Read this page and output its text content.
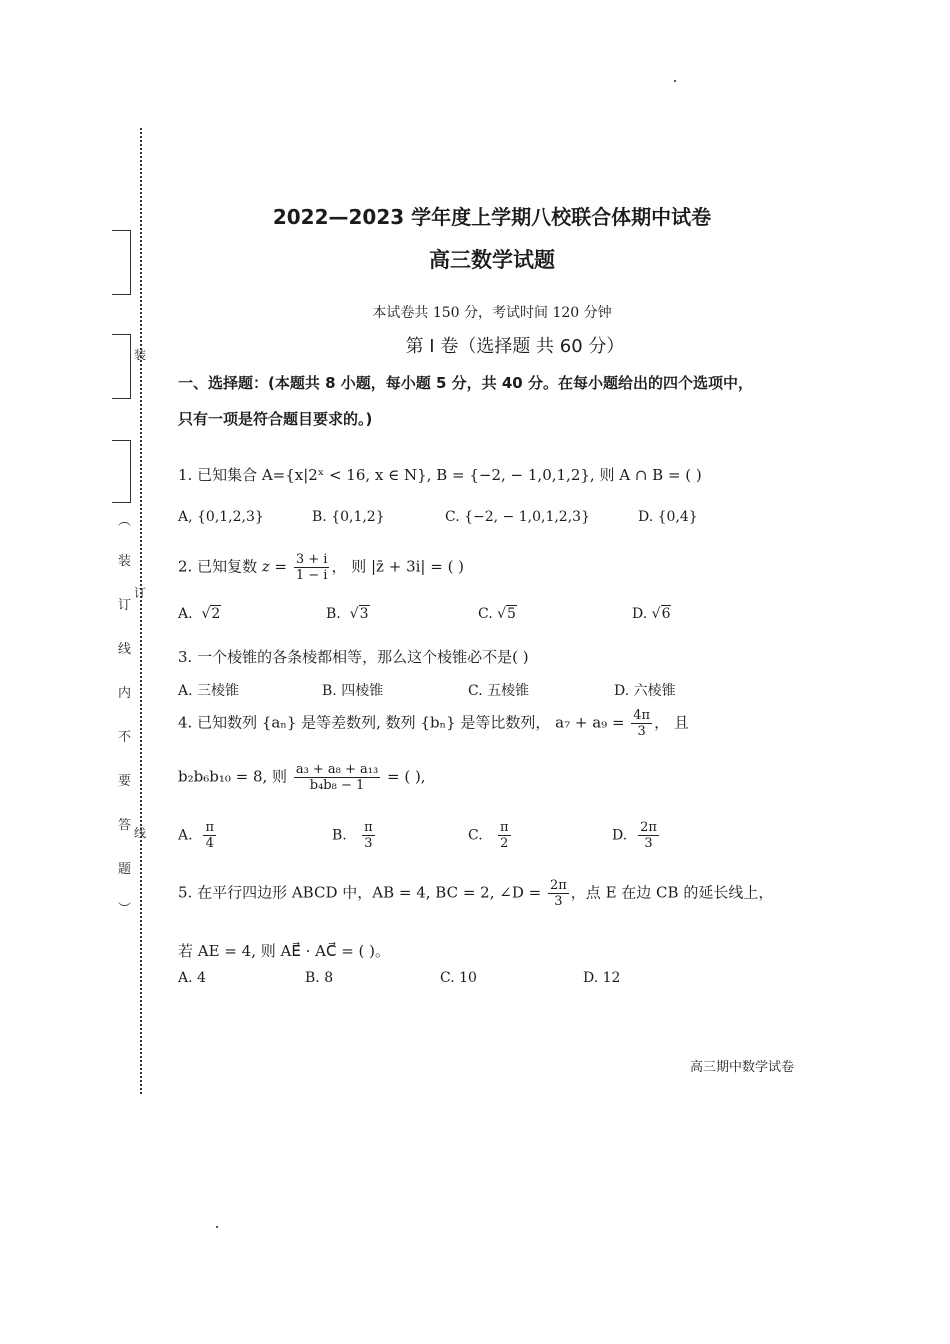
装
订
线
︵
装
订
线
内
不
要
答
题
︶
2022—2023 学年度上学期八校联合体期中试卷
高三数学试题
本试卷共 150 分，考试时间 120 分钟
第 I 卷（选择题 共 60 分）
一、选择题：(本题共 8 小题，每小题 5 分，共 40 分。在每小题给出的四个选项中，
只有一项是符合题目要求的。)
1. 已知集合 A={x|2ˣ < 16, x ∈ N}, B = {−2, − 1,0,1,2}, 则 A ∩ B = ( )
A, {0,1,2,3}	B. {0,1,2}	C. {−2, − 1,0,1,2,3}	D. {0,4}
2. 已知复数 $z = \frac{3 + i}{1 - i}$ ， 则 |z̄ + 3i| = ( )
A. √2	B. √3	C. √5	D. √6
3. 一个棱锥的各条棱都相等，那么这个棱锥必不是( )
A. 三棱锥	B. 四棱锥	C. 五棱锥	D. 六棱锥
4. 已知数列 {aₙ} 是等差数列, 数列 {bₙ} 是等比数列， $a_7 + a_9 = \frac{4\pi}{3}$ ， 且
b₂b₆b₁₀ = 8, 则 $\frac{\text{a₃ + a₈ + a₁₃}}{\text{b₄b₈ − 1}}$ = ( ),
A. $\frac{\pi}{4}$	B. $\frac{\pi}{3}$	C. $\frac{\pi}{2}$	D. $\frac{2\pi}{3}$
5. 在平行四边形 ABCD 中，AB = 4, BC = 2, ∠D = $\frac{2\pi}{3}$ ，点 E 在边 CB 的延长线上，
若 AE = 4, 则 AE⃗ · AC⃗ = ( )。
A. 4	B. 8	C. 10	D. 12
高三期中数学试卷
